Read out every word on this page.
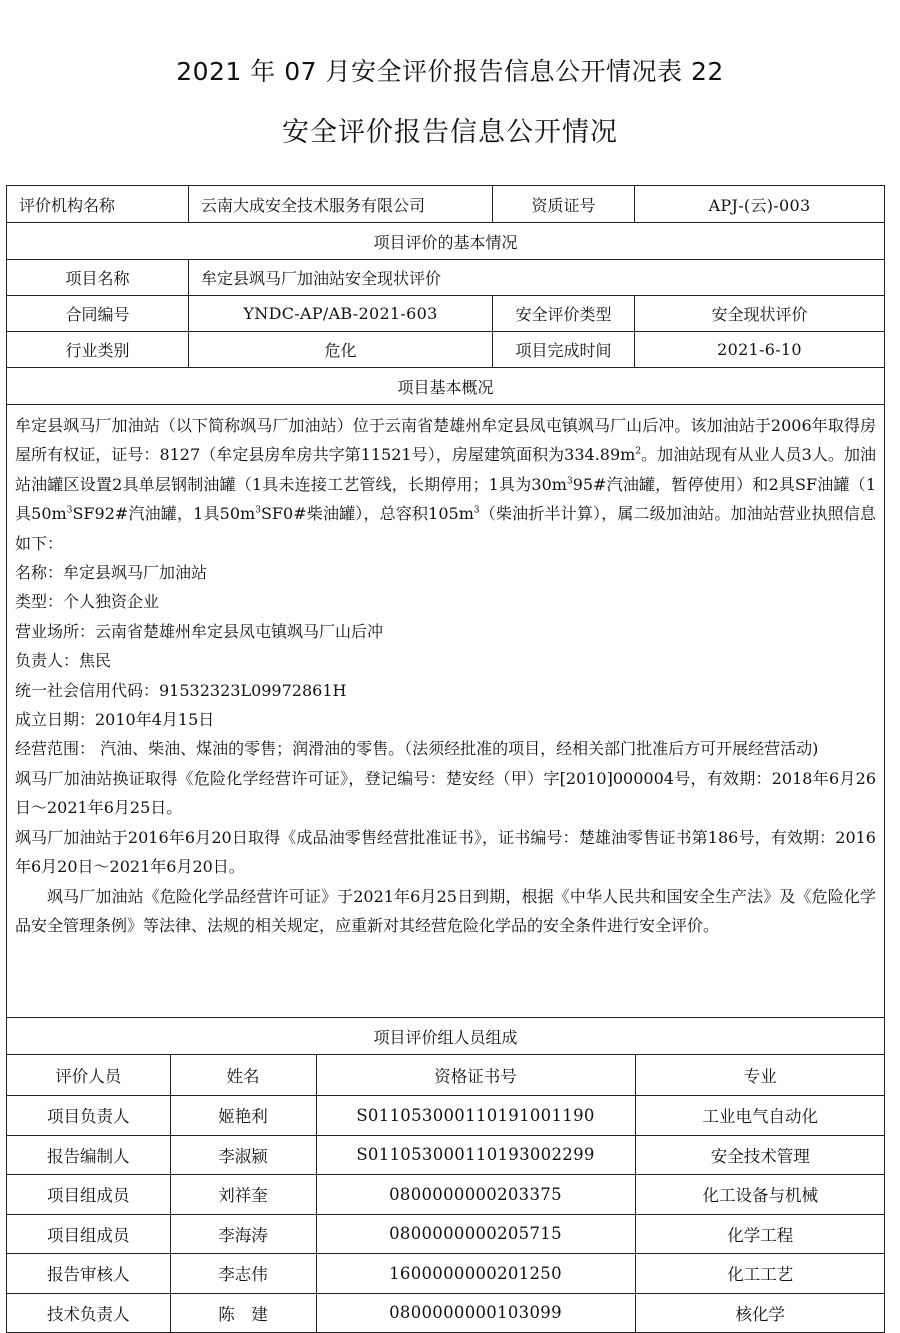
2021 年 07 月安全评价报告信息公开情况表 22
安全评价报告信息公开情况
评价机构名称	云南大成安全技术服务有限公司	资质证号	APJ-(云)-003
项目评价的基本情况
项目名称	牟定县飒马厂加油站安全现状评价
合同编号	YNDC-AP/AB-2021-603	安全评价类型	安全现状评价
行业类别	危化	项目完成时间	2021-6-10
项目基本概况

牟定县飒马厂加油站（以下简称飒马厂加油站）位于云南省楚雄州牟定县凤屯镇飒马厂山后冲。该加油站于2006年取得房屋所有权证，证号：8127（牟定县房牟房共字第11521号），房屋建筑面积为$334.89m^2$。加油站现有从业人员3人。加油站油罐区设置2具单层钢制油罐（1具未连接工艺管线，长期停用；1具为$30m^395\#$汽油罐，暂停使用）和2具SF油罐（1具$50m^3SF92\#$汽油罐，1具$50m^3SF0\#$柴油罐），总容积$105m^3$（柴油折半计算），属二级加油站。加油站营业执照信息如下：

名称：牟定县飒马厂加油站

类型：个人独资企业

营业场所：云南省楚雄州牟定县凤屯镇飒马厂山后冲

负责人：焦民

统一社会信用代码：91532323L09972861H

成立日期：2010年4月15日

经营范围： 汽油、柴油、煤油的零售；润滑油的零售。（法须经批准的项目，经相关部门批准后方可开展经营活动)

飒马厂加油站换证取得《危险化学经营许可证》，登记编号：楚安经（甲）字[2010]000004号，有效期：2018年6月26日～2021年6月25日。

飒马厂加油站于2016年6月20日取得《成品油零售经营批准证书》，证书编号：楚雄油零售证书第186号，有效期：2016年6月20日～2021年6月20日。

飒马厂加油站《危险化学品经营许可证》于2021年6月25日到期，根据《中华人民共和国安全生产法》及《危险化学品安全管理条例》等法律、法规的相关规定，应重新对其经营危险化学品的安全条件进行安全评价。

项目评价组人员组成

评价人员	姓名	资格证书号	专业
项目负责人	姬艳利	S011053000110191001190	工业电气自动化
报告编制人	李淑颍	S011053000110193002299	安全技术管理
项目组成员	刘祥奎	0800000000203375	化工设备与机械
项目组成员	李海涛	0800000000205715	化学工程
报告审核人	李志伟	1600000000201250	化工工艺
技术负责人	陈　建	0800000000103099	核化学
